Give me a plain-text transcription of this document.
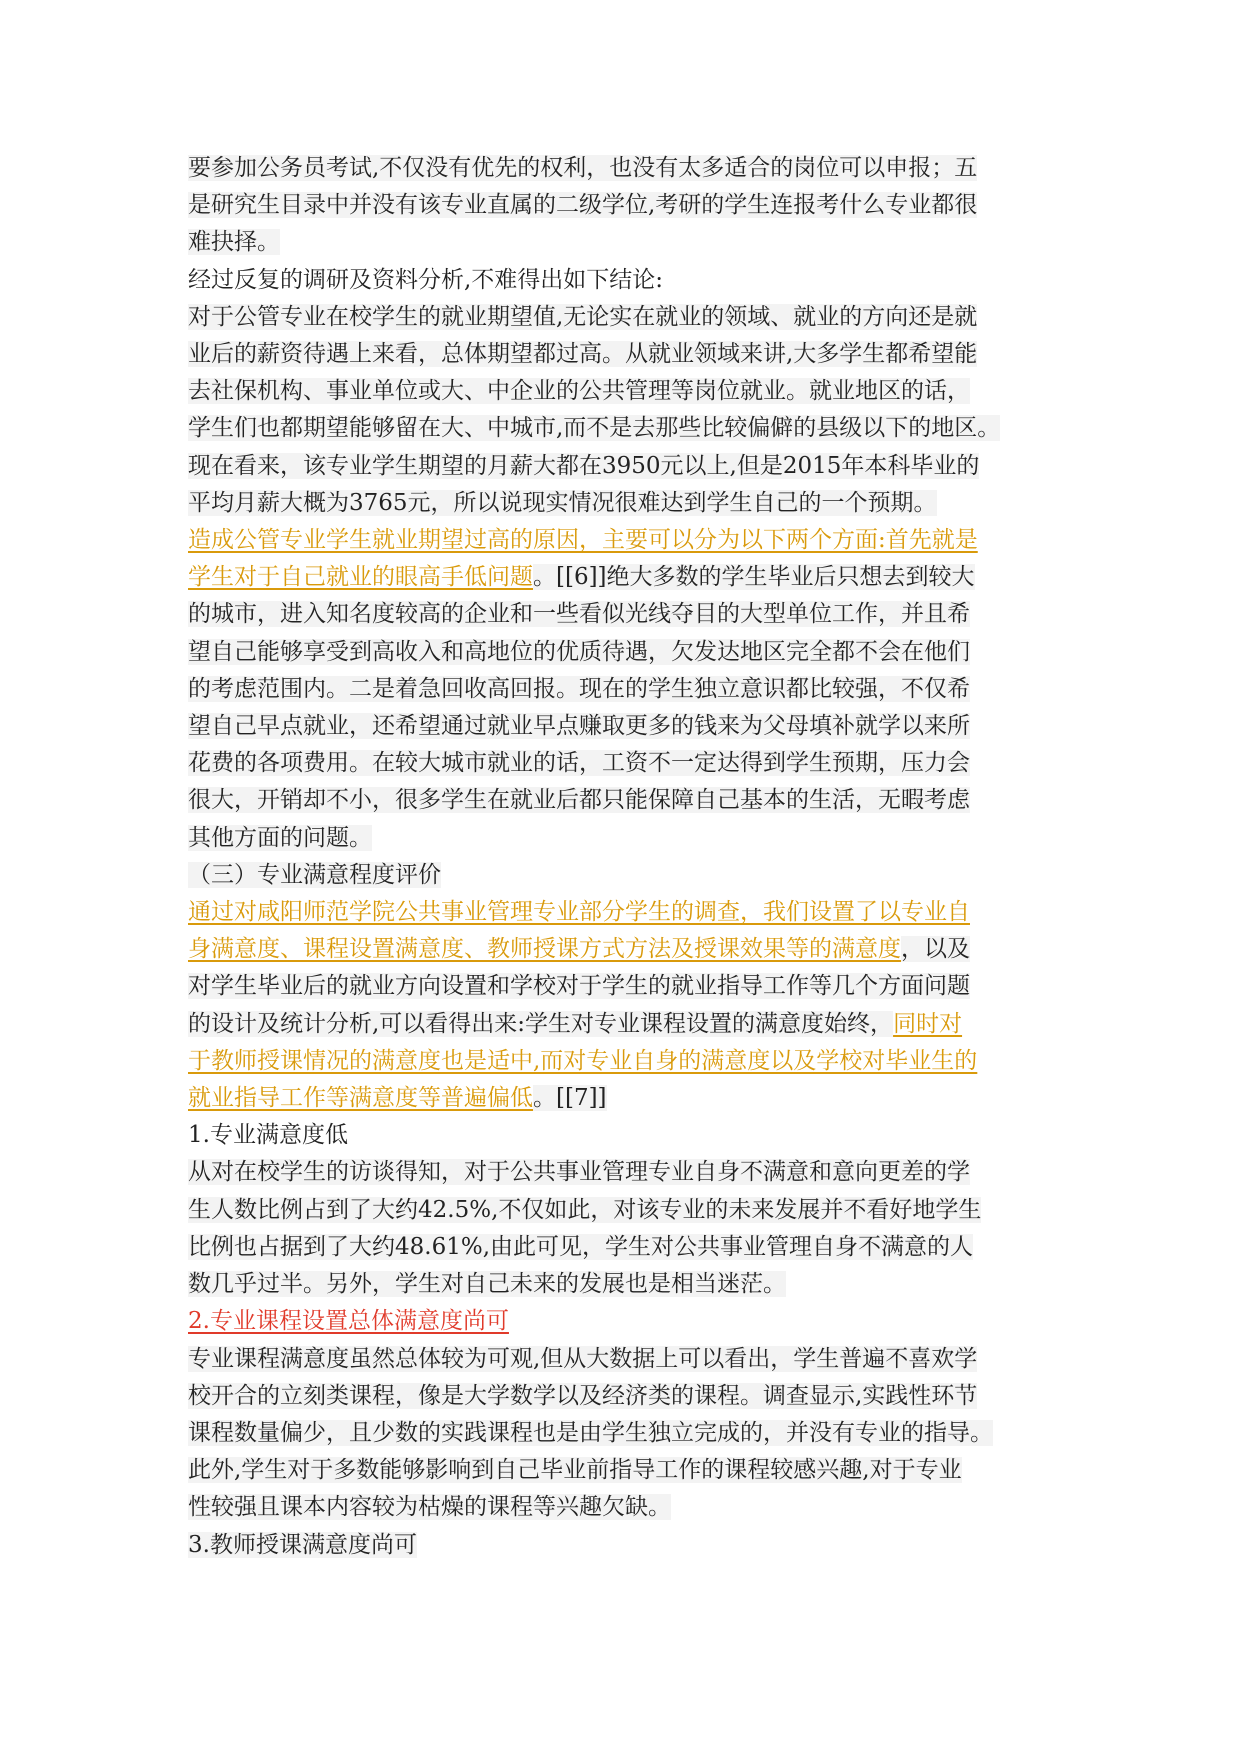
要参加公务员考试,不仅没有优先的权利，也没有太多适合的岗位可以申报；五
是研究生目录中并没有该专业直属的二级学位,考研的学生连报考什么专业都很
难抉择。
经过反复的调研及资料分析,不难得出如下结论:
对于公管专业在校学生的就业期望值,无论实在就业的领域、就业的方向还是就
业后的薪资待遇上来看，总体期望都过高。从就业领域来讲,大多学生都希望能
去社保机构、事业单位或大、中企业的公共管理等岗位就业。就业地区的话，
学生们也都期望能够留在大、中城市,而不是去那些比较偏僻的县级以下的地区。
现在看来，该专业学生期望的月薪大都在3950元以上,但是2015年本科毕业的
平均月薪大概为3765元，所以说现实情况很难达到学生自己的一个预期。
造成公管专业学生就业期望过高的原因，主要可以分为以下两个方面:首先就是
学生对于自己就业的眼高手低问题。[[6]]绝大多数的学生毕业后只想去到较大
的城市，进入知名度较高的企业和一些看似光线夺目的大型单位工作，并且希
望自己能够享受到高收入和高地位的优质待遇，欠发达地区完全都不会在他们
的考虑范围内。二是着急回收高回报。现在的学生独立意识都比较强，不仅希
望自己早点就业，还希望通过就业早点赚取更多的钱来为父母填补就学以来所
花费的各项费用。在较大城市就业的话，工资不一定达得到学生预期，压力会
很大，开销却不小，很多学生在就业后都只能保障自己基本的生活，无暇考虑
其他方面的问题。
（三）专业满意程度评价
通过对咸阳师范学院公共事业管理专业部分学生的调查，我们设置了以专业自
身满意度、课程设置满意度、教师授课方式方法及授课效果等的满意度，以及
对学生毕业后的就业方向设置和学校对于学生的就业指导工作等几个方面问题
的设计及统计分析,可以看得出来:学生对专业课程设置的满意度始终，同时对
于教师授课情况的满意度也是适中,而对专业自身的满意度以及学校对毕业生的
就业指导工作等满意度等普遍偏低。[[7]]
1.专业满意度低
从对在校学生的访谈得知，对于公共事业管理专业自身不满意和意向更差的学
生人数比例占到了大约42.5%,不仅如此，对该专业的未来发展并不看好地学生
比例也占据到了大约48.61%,由此可见，学生对公共事业管理自身不满意的人
数几乎过半。另外，学生对自己未来的发展也是相当迷茫。
2.专业课程设置总体满意度尚可
专业课程满意度虽然总体较为可观,但从大数据上可以看出，学生普遍不喜欢学
校开合的立刻类课程，像是大学数学以及经济类的课程。调查显示,实践性环节
课程数量偏少，且少数的实践课程也是由学生独立完成的，并没有专业的指导。
此外,学生对于多数能够影响到自己毕业前指导工作的课程较感兴趣,对于专业
性较强且课本内容较为枯燥的课程等兴趣欠缺。
3.教师授课满意度尚可
